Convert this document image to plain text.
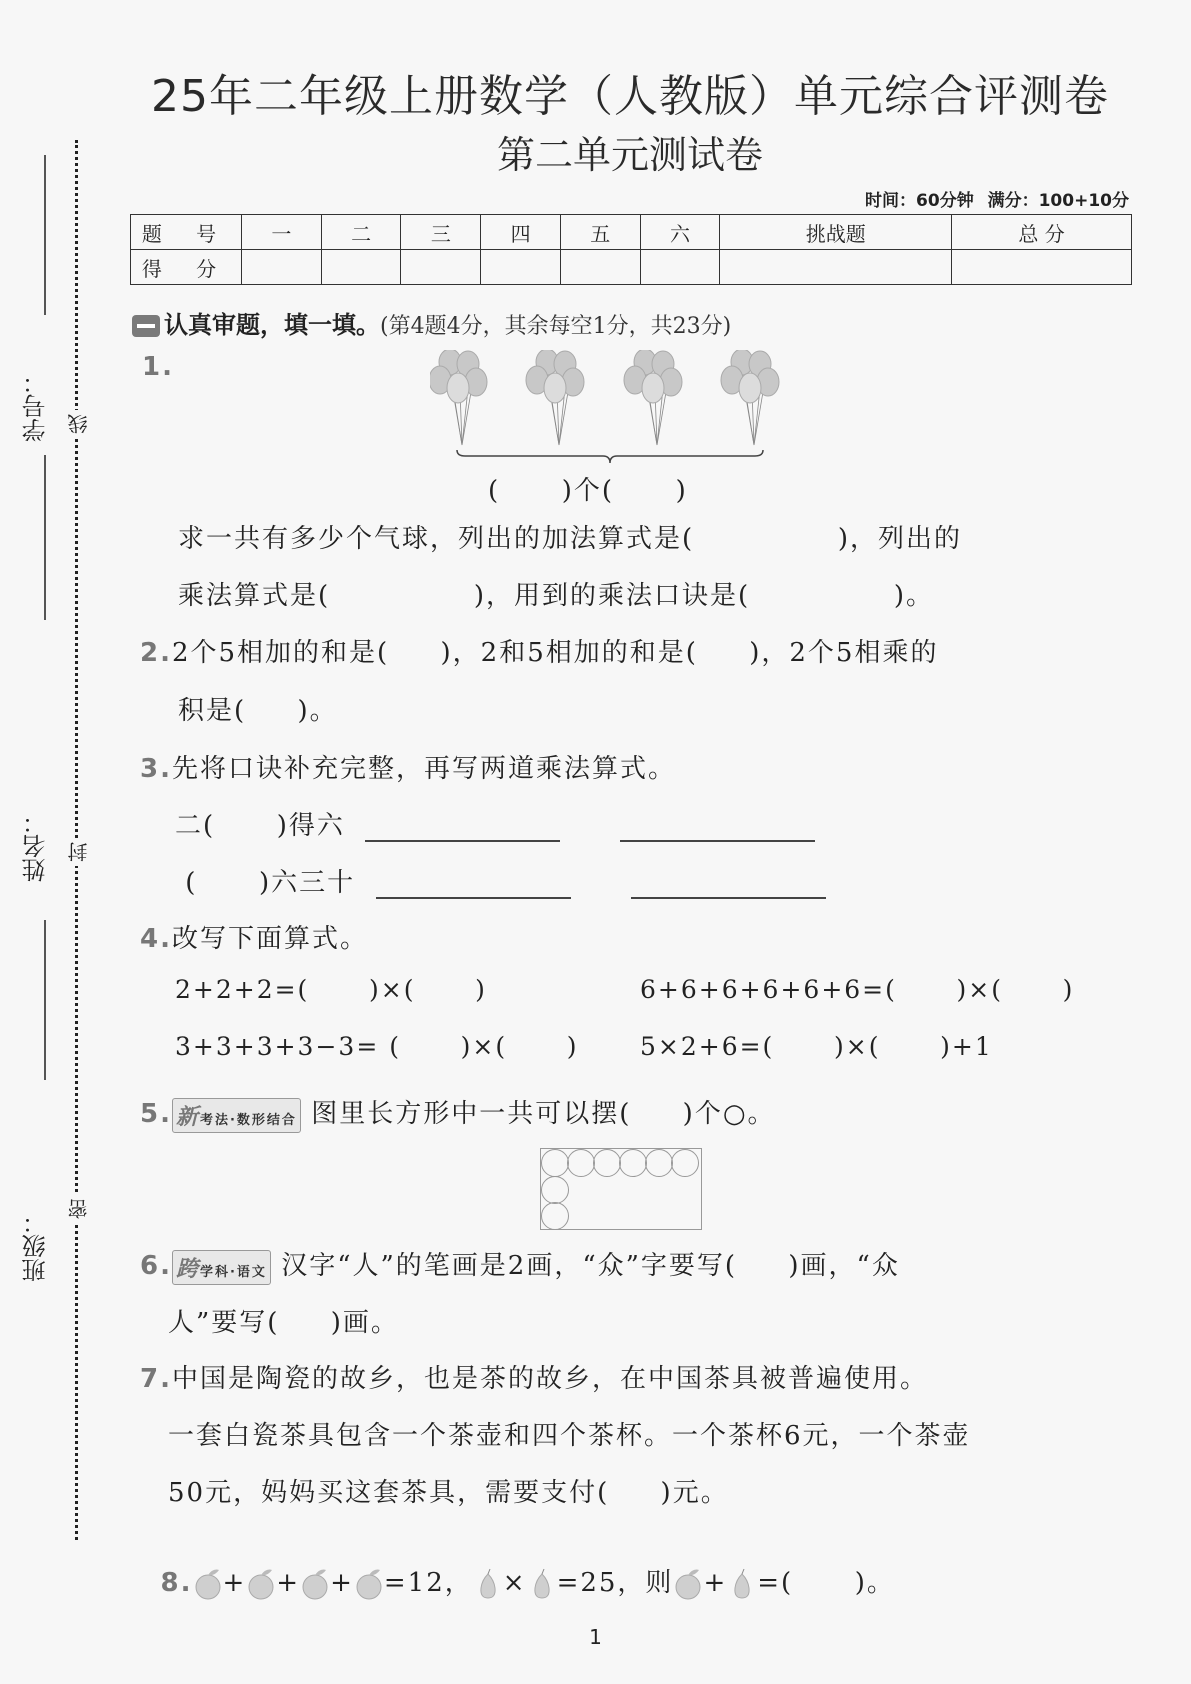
学号： 线
姓名： 封
班级：
密
25年二年级上册数学（人教版）单元综合评测卷
第二单元测试卷
时间：60分钟 满分：100+10分
题 号	一	二	三	四	五	六	挑战题	总 分
得 分								
认真审题，填一填。(第4题4分，其余每空1分，共23分)
1.
(      )个(      )
求一共有多少个气球，列出的加法算式是(              )，列出的
乘法算式是(              )，用到的乘法口诀是(              )。
2.2个5相加的和是(     )，2和5相加的和是(     )，2个5相乘的
积是(     )。
3.先将口诀补充完整，再写两道乘法算式。
二(      )得六
(      )六三十
4.改写下面算式。
2+2+2=(      )×(      )	6+6+6+6+6+6=(      )×(      )
3+3+3+3−3= (      )×(      ) 5×2+6=(      )×(      )+1
5. 新考法·数形结合 图里长方形中一共可以摆(     )个○。
6. 跨学科·语文 汉字“人”的笔画是2画，“众”字要写(     )画，“众
人”要写(     )画。
7.中国是陶瓷的故乡，也是茶的故乡，在中国茶具被普遍使用。
一套白瓷茶具包含一个茶壶和四个茶杯。一个茶杯6元，一个茶壶
50元，妈妈买这套茶具，需要支付(     )元。

8. + + + =12， × =25，则 + =(      )。

1
